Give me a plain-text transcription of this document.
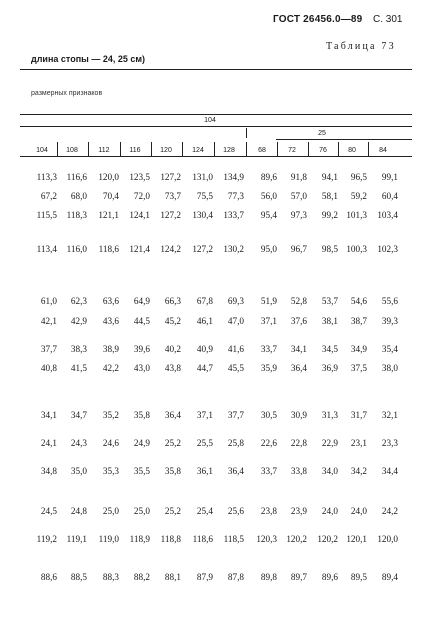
ГОСТ 26456.0—89 С. 301
Таблица 73
длина стопы — 24, 25 см)
размерных признаков
104
25
104	108	112	116	120	124	128	68	72	76	80	84
113,3	116,6	120,0	123,5	127,2	131,0	134,9	89,6	91,8	94,1	96,5	99,1
67,2	68,0	70,4	72,0	73,7	75,5	77,3	56,0	57,0	58,1	59,2	60,4
115,5	118,3	121,1	124,1	127,2	130,4	133,7	95,4	97,3	99,2 101,3	103,4
113,4	116,0	118,6	121,4	124,2	127,2	130,2	95,0	96,7	98,5 100,3	102,3
61,0	62,3	63,6	64,9	66,3	67,8	69,3	51,9	52,8	53,7	54,6	55,6
42,1	42,9	43,6	44,5	45,2	46,1	47,0	37,1	37,6	38,1	38,7	39,3
37,7	38,3	38,9	39,6	40,2	40,9	41,6	33,7	34,1	34,5	34,9	35,4
40,8	41,5	42,2	43,0	43,8	44,7	45,5	35,9	36,4	36,9	37,5	38,0
34,1	34,7	35,2	35,8	36,4	37,1	37,7	30,5	30,9	31,3	31,7	32,1
24,1	24,3	24,6	24,9	25,2	25,5	25,8	22,6	22,8	22,9	23,1	23,3
34,8	35,0	35,3	35,5	35,8	36,1	36,4	33,7	33,8	34,0	34,2	34,4
24,5	24,8	25,0	25,0	25,2	25,4	25,6	23,8	23,9	24,0	24,0	24,2
119,2	119,1	119,0	118,9	118,8	118,6	118,5	120,3	120,2	120,2 120,1	120,0
88,6	88,5	88,3	88,2	88,1	87,9	87,8	89,8	89,7	89,6	89,5	89,4
